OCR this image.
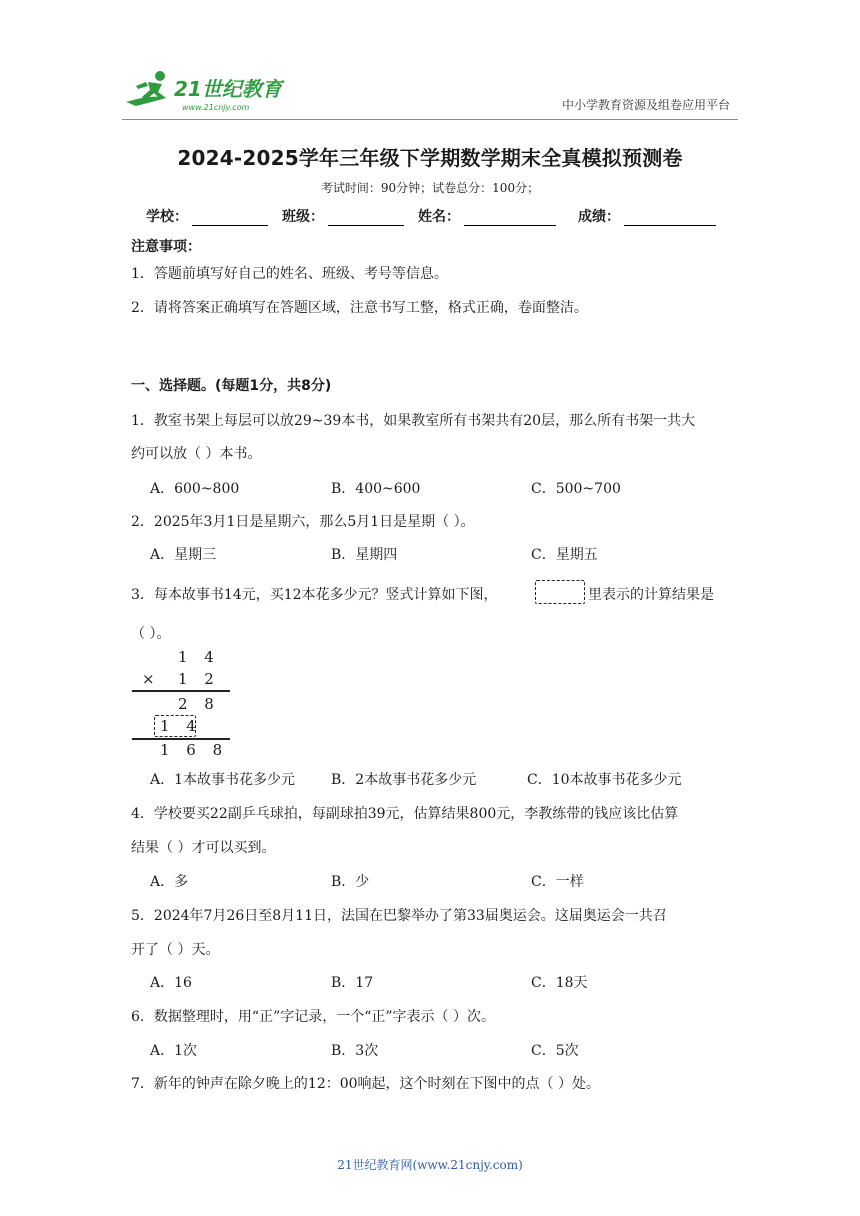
21世纪教育
www.21cnjy.com	中小学教育资源及组卷应用平台
2024-2025学年三年级下学期数学期末全真模拟预测卷
考试时间：90分钟；试卷总分：100分；
学校：	班级：	姓名：	成绩：
注意事项：
1．答题前填写好自己的姓名、班级、考号等信息。
2．请将答案正确填写在答题区域，注意书写工整，格式正确，卷面整洁。
一、选择题。(每题1分，共8分)
1．教室书架上每层可以放29~39本书，如果教室所有书架共有20层，那么所有书架一共大
约可以放（ ）本书。
A．600~800	B．400~600	C．500~700
2．2025年3月1日是星期六，那么5月1日是星期（ ）。
A．星期三	B．星期四	C．星期五
3．每本故事书14元，买12本花多少元？竖式计算如下图，	里表示的计算结果是
（ ）。
1 4
× 1 2
2 8
1 4
1 6 8
A．1本故事书花多少元	B．2本故事书花多少元	C．10本故事书花多少元
4．学校要买22副乒乓球拍，每副球拍39元，估算结果800元，李教练带的钱应该比估算
结果（ ）才可以买到。
A．多	B．少	C．一样
5．2024年7月26日至8月11日，法国在巴黎举办了第33届奥运会。这届奥运会一共召
开了（ ）天。
A．16	B．17	C．18天
6．数据整理时，用“正”字记录，一个“正”字表示（ ）次。
A．1次	B．3次	C．5次
7．新年的钟声在除夕晚上的12：00响起，这个时刻在下图中的点（ ）处。
21世纪教育网(www.21cnjy.com)
